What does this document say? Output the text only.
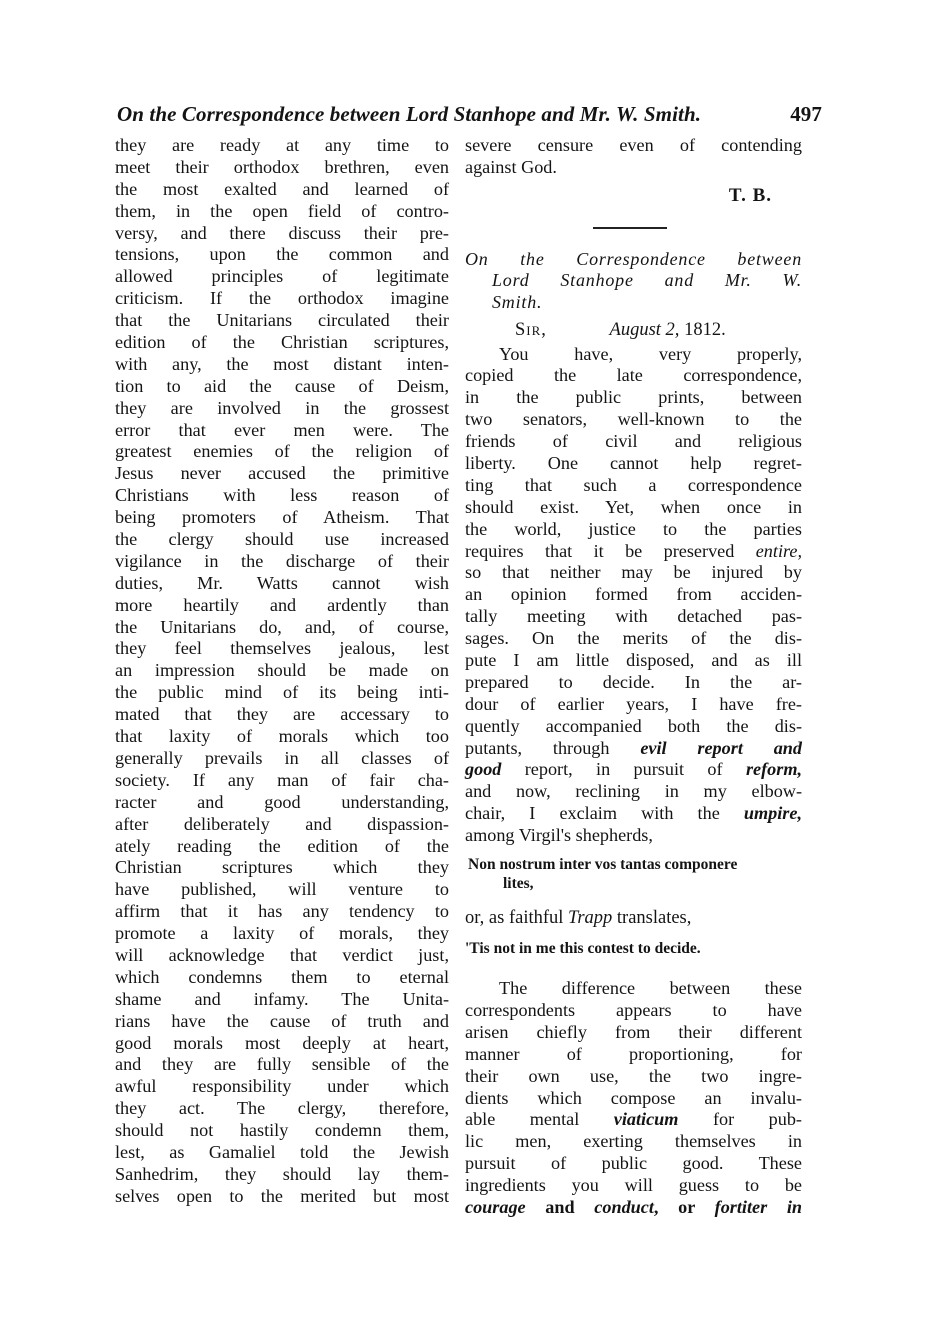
On the Correspondence between Lord Stanhope and Mr. W. Smith.	497
they are ready at any time to
meet their orthodox brethren, even
the most exalted and learned of
them, in the open field of contro-
versy, and there discuss their pre-
tensions, upon the common and
allowed principles of legitimate
criticism. If the orthodox imagine
that the Unitarians circulated their
edition of the Christian scriptures,
with any, the most distant inten-
tion to aid the cause of Deism,
they are involved in the grossest
error that ever men were. The
greatest enemies of the religion of
Jesus never accused the primitive
Christians with less reason of
being promoters of Atheism. That
the clergy should use increased
vigilance in the discharge of their
duties, Mr. Watts cannot wish
more heartily and ardently than
the Unitarians do, and, of course,
they feel themselves jealous, lest
an impression should be made on
the public mind of its being inti-
mated that they are accessary to
that laxity of morals which too
generally prevails in all classes of
society. If any man of fair cha-
racter and good understanding,
after deliberately and dispassion-
ately reading the edition of the
Christian scriptures which they
have published, will venture to
affirm that it has any tendency to
promote a laxity of morals, they
will acknowledge that verdict just,
which condemns them to eternal
shame and infamy. The Unita-
rians have the cause of truth and
good morals most deeply at heart,
and they are fully sensible of the
awful responsibility under which
they act. The clergy, therefore,
should not hastily condemn them,
lest, as Gamaliel told the Jewish
Sanhedrim, they should lay them-
selves open to the merited but most
severe censure even of contending
against God.
T. B.
On the Correspondence between
Lord Stanhope and Mr. W.
Smith.
Sir,	August 2, 1812.
You have, very properly,
copied the late correspondence,
in the public prints, between
two senators, well-known to the
friends of civil and religious
liberty. One cannot help regret-
ting that such a correspondence
should exist. Yet, when once in
the world, justice to the parties
requires that it be preserved entire,
so that neither may be injured by
an opinion formed from acciden-
tally meeting with detached pas-
sages. On the merits of the dis-
pute I am little disposed, and as ill
prepared to decide. In the ar-
dour of earlier years, I have fre-
quently accompanied both the dis-
putants, through evil report and
good report, in pursuit of reform,
and now, reclining in my elbow-
chair, I exclaim with the umpire,
among Virgil's shepherds,
Non nostrum inter vos tantas componere
lites,
or, as faithful Trapp translates,
'Tis not in me this contest to decide.
The difference between these
correspondents appears to have
arisen chiefly from their different
manner of proportioning, for
their own use, the two ingre-
dients which compose an invalu-
able mental viaticum for pub-
lic men, exerting themselves in
pursuit of public good. These
ingredients you will guess to be
courage and conduct, or fortiter in
